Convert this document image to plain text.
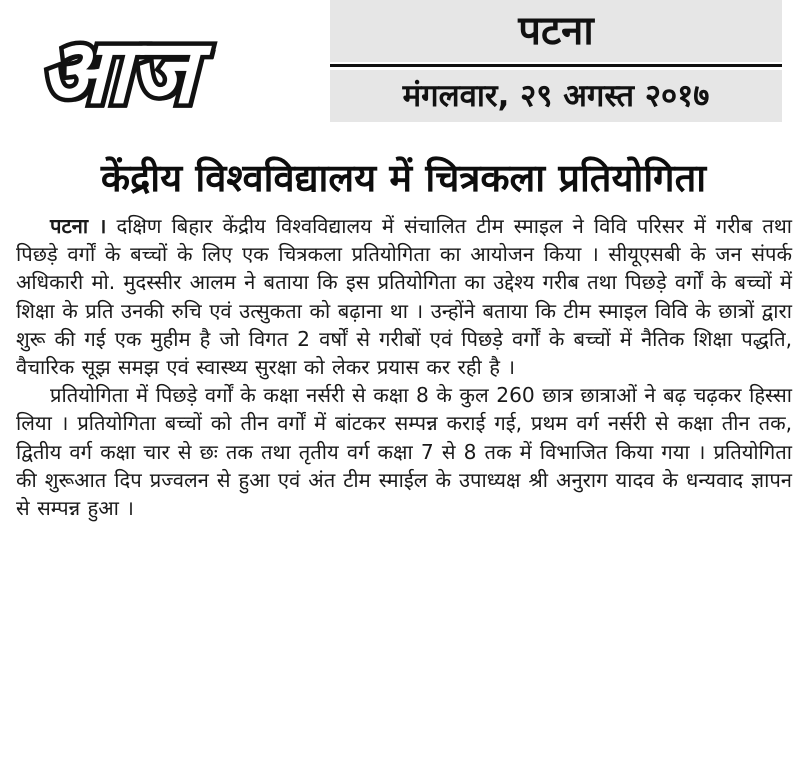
आज	पटना
मंगलवार, २९ अगस्त २०१७
केंद्रीय विश्वविद्यालय में चित्रकला प्रतियोगिता

पटना । दक्षिण बिहार केंद्रीय विश्वविद्यालय में संचालित टीम स्माइल ने विवि परिसर में गरीब तथा पिछड़े वर्गों के बच्चों के लिए एक चित्रकला प्रतियोगिता का आयोजन किया । सीयूएसबी के जन संपर्क अधिकारी मो. मुदस्सीर आलम ने बताया कि इस प्रतियोगिता का उद्देश्य गरीब तथा पिछड़े वर्गों के बच्चों में शिक्षा के प्रति उनकी रुचि एवं उत्सुकता को बढ़ाना था । उन्होंने बताया कि टीम स्माइल विवि के छात्रों द्वारा शुरू की गई एक मुहीम है जो विगत 2 वर्षों से गरीबों एवं पिछड़े वर्गों के बच्चों में नैतिक शिक्षा पद्धति, वैचारिक सूझ समझ एवं स्वास्थ्य सुरक्षा को लेकर प्रयास कर रही है ।

प्रतियोगिता में पिछड़े वर्गों के कक्षा नर्सरी से कक्षा 8 के कुल 260 छात्र छात्राओं ने बढ़ चढ़कर हिस्सा लिया । प्रतियोगिता बच्चों को तीन वर्गों में बांटकर सम्पन्न कराई गई, प्रथम वर्ग नर्सरी से कक्षा तीन तक, द्वितीय वर्ग कक्षा चार से छः तक तथा तृतीय वर्ग कक्षा 7 से 8 तक में विभाजित किया गया । प्रतियोगिता की शुरूआत दिप प्रज्वलन से हुआ एवं अंत टीम स्माईल के उपाध्यक्ष श्री अनुराग यादव के धन्यवाद ज्ञापन से सम्पन्न हुआ ।
